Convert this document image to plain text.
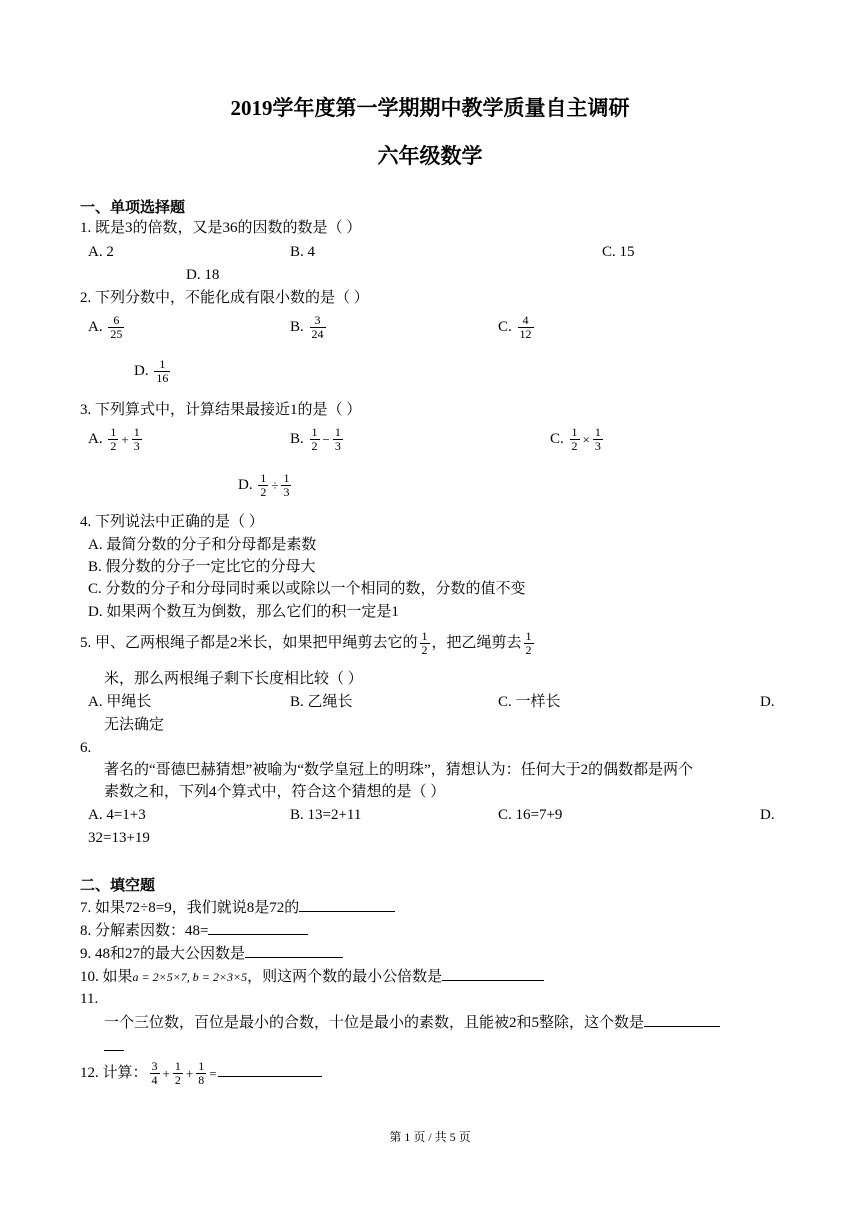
2019学年度第一学期期中教学质量自主调研
六年级数学
一、单项选择题
1. 既是3的倍数，又是36的因数的数是（ ）
A. 2	B. 4	C. 15
D. 18
2. 下列分数中，不能化成有限小数的是（ ）
A. $\frac{6}{25}$	B. $\frac{3}{24}$	C. $\frac{4}{12}$
D. $\frac{1}{16}$
3. 下列算式中，计算结果最接近1的是（ ）
A. $\frac{1}{2} + \frac{1}{3}$	B. $\frac{1}{2} - \frac{1}{3}$	C. $\frac{1}{2} \times \frac{1}{3}$
D. $\frac{1}{2} \div \frac{1}{3}$
4. 下列说法中正确的是（ ）
A. 最简分数的分子和分母都是素数
B. 假分数的分子一定比它的分母大
C. 分数的分子和分母同时乘以或除以一个相同的数，分数的值不变
D. 如果两个数互为倒数，那么它们的积一定是1
5. 甲、乙两根绳子都是2米长，如果把甲绳剪去它的 $\frac{1}{2}$ ，把乙绳剪去 $\frac{1}{2}$
米，那么两根绳子剩下长度相比较（ ）
A. 甲绳长	B. 乙绳长	C. 一样长	D.
无法确定
6.
著名的“哥德巴赫猜想”被喻为“数学皇冠上的明珠”，猜想认为：任何大于2的偶数都是两个
素数之和，下列4个算式中，符合这个猜想的是（ ）
A. 4=1+3	B. 13=2+11	C. 16=7+9	D.
32=13+19
二、填空题
7. 如果72÷8=9，我们就说8是72的
8. 分解素因数：48=
9. 48和27的最大公因数是
10. 如果a = 2×5×7, b = 2×3×5，则这两个数的最小公倍数是
11.
一个三位数，百位是最小的合数，十位是最小的素数，且能被2和5整除，这个数是
12. 计算： $\frac{3}{4} + \frac{1}{2} + \frac{1}{8}$ =
第 1 页 / 共 5 页
